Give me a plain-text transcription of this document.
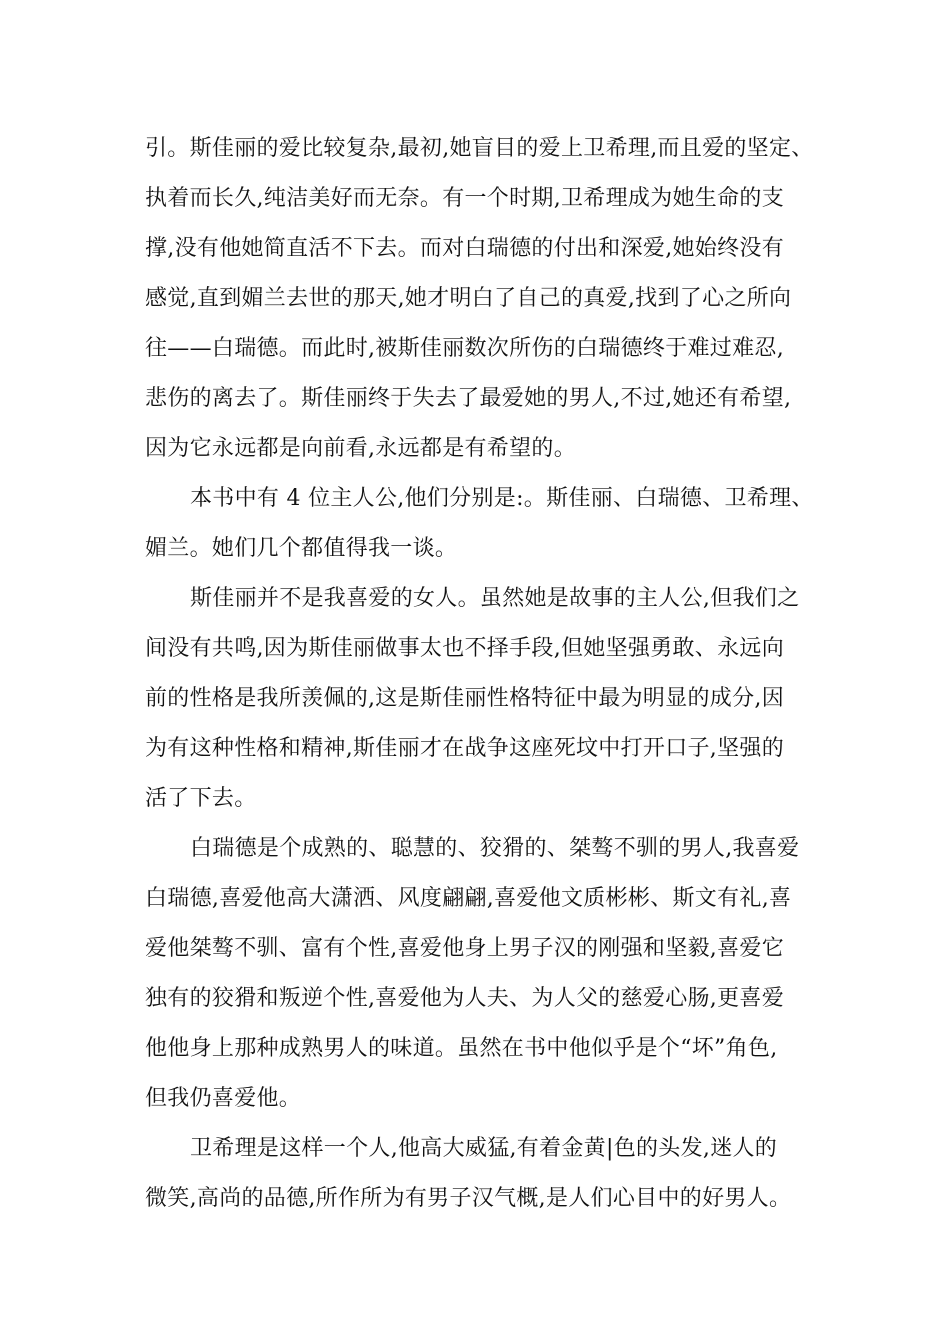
引。斯佳丽的爱比较复杂,最初,她盲目的爱上卫希理,而且爱的坚定、
执着而长久,纯洁美好而无奈。有一个时期,卫希理成为她生命的支
撑,没有他她简直活不下去。而对白瑞德的付出和深爱,她始终没有
感觉,直到媚兰去世的那天,她才明白了自己的真爱,找到了心之所向
往——白瑞德。而此时,被斯佳丽数次所伤的白瑞德终于难过难忍,
悲伤的离去了。斯佳丽终于失去了最爱她的男人,不过,她还有希望,
因为它永远都是向前看,永远都是有希望的。
本书中有 4 位主人公,他们分别是:。斯佳丽、白瑞德、卫希理、
媚兰。她们几个都值得我一谈。
斯佳丽并不是我喜爱的女人。虽然她是故事的主人公,但我们之
间没有共鸣,因为斯佳丽做事太也不择手段,但她坚强勇敢、永远向
前的性格是我所羡佩的,这是斯佳丽性格特征中最为明显的成分,因
为有这种性格和精神,斯佳丽才在战争这座死坟中打开口子,坚强的
活了下去。
白瑞德是个成熟的、聪慧的、狡猾的、桀骜不驯的男人,我喜爱
白瑞德,喜爱他高大潇洒、风度翩翩,喜爱他文质彬彬、斯文有礼,喜
爱他桀骜不驯、富有个性,喜爱他身上男子汉的刚强和坚毅,喜爱它
独有的狡猾和叛逆个性,喜爱他为人夫、为人父的慈爱心肠,更喜爱
他他身上那种成熟男人的味道。虽然在书中他似乎是个“坏”角色,
但我仍喜爱他。
卫希理是这样一个人,他高大威猛,有着金黄|色的头发,迷人的
微笑,高尚的品德,所作所为有男子汉气概,是人们心目中的好男人。
